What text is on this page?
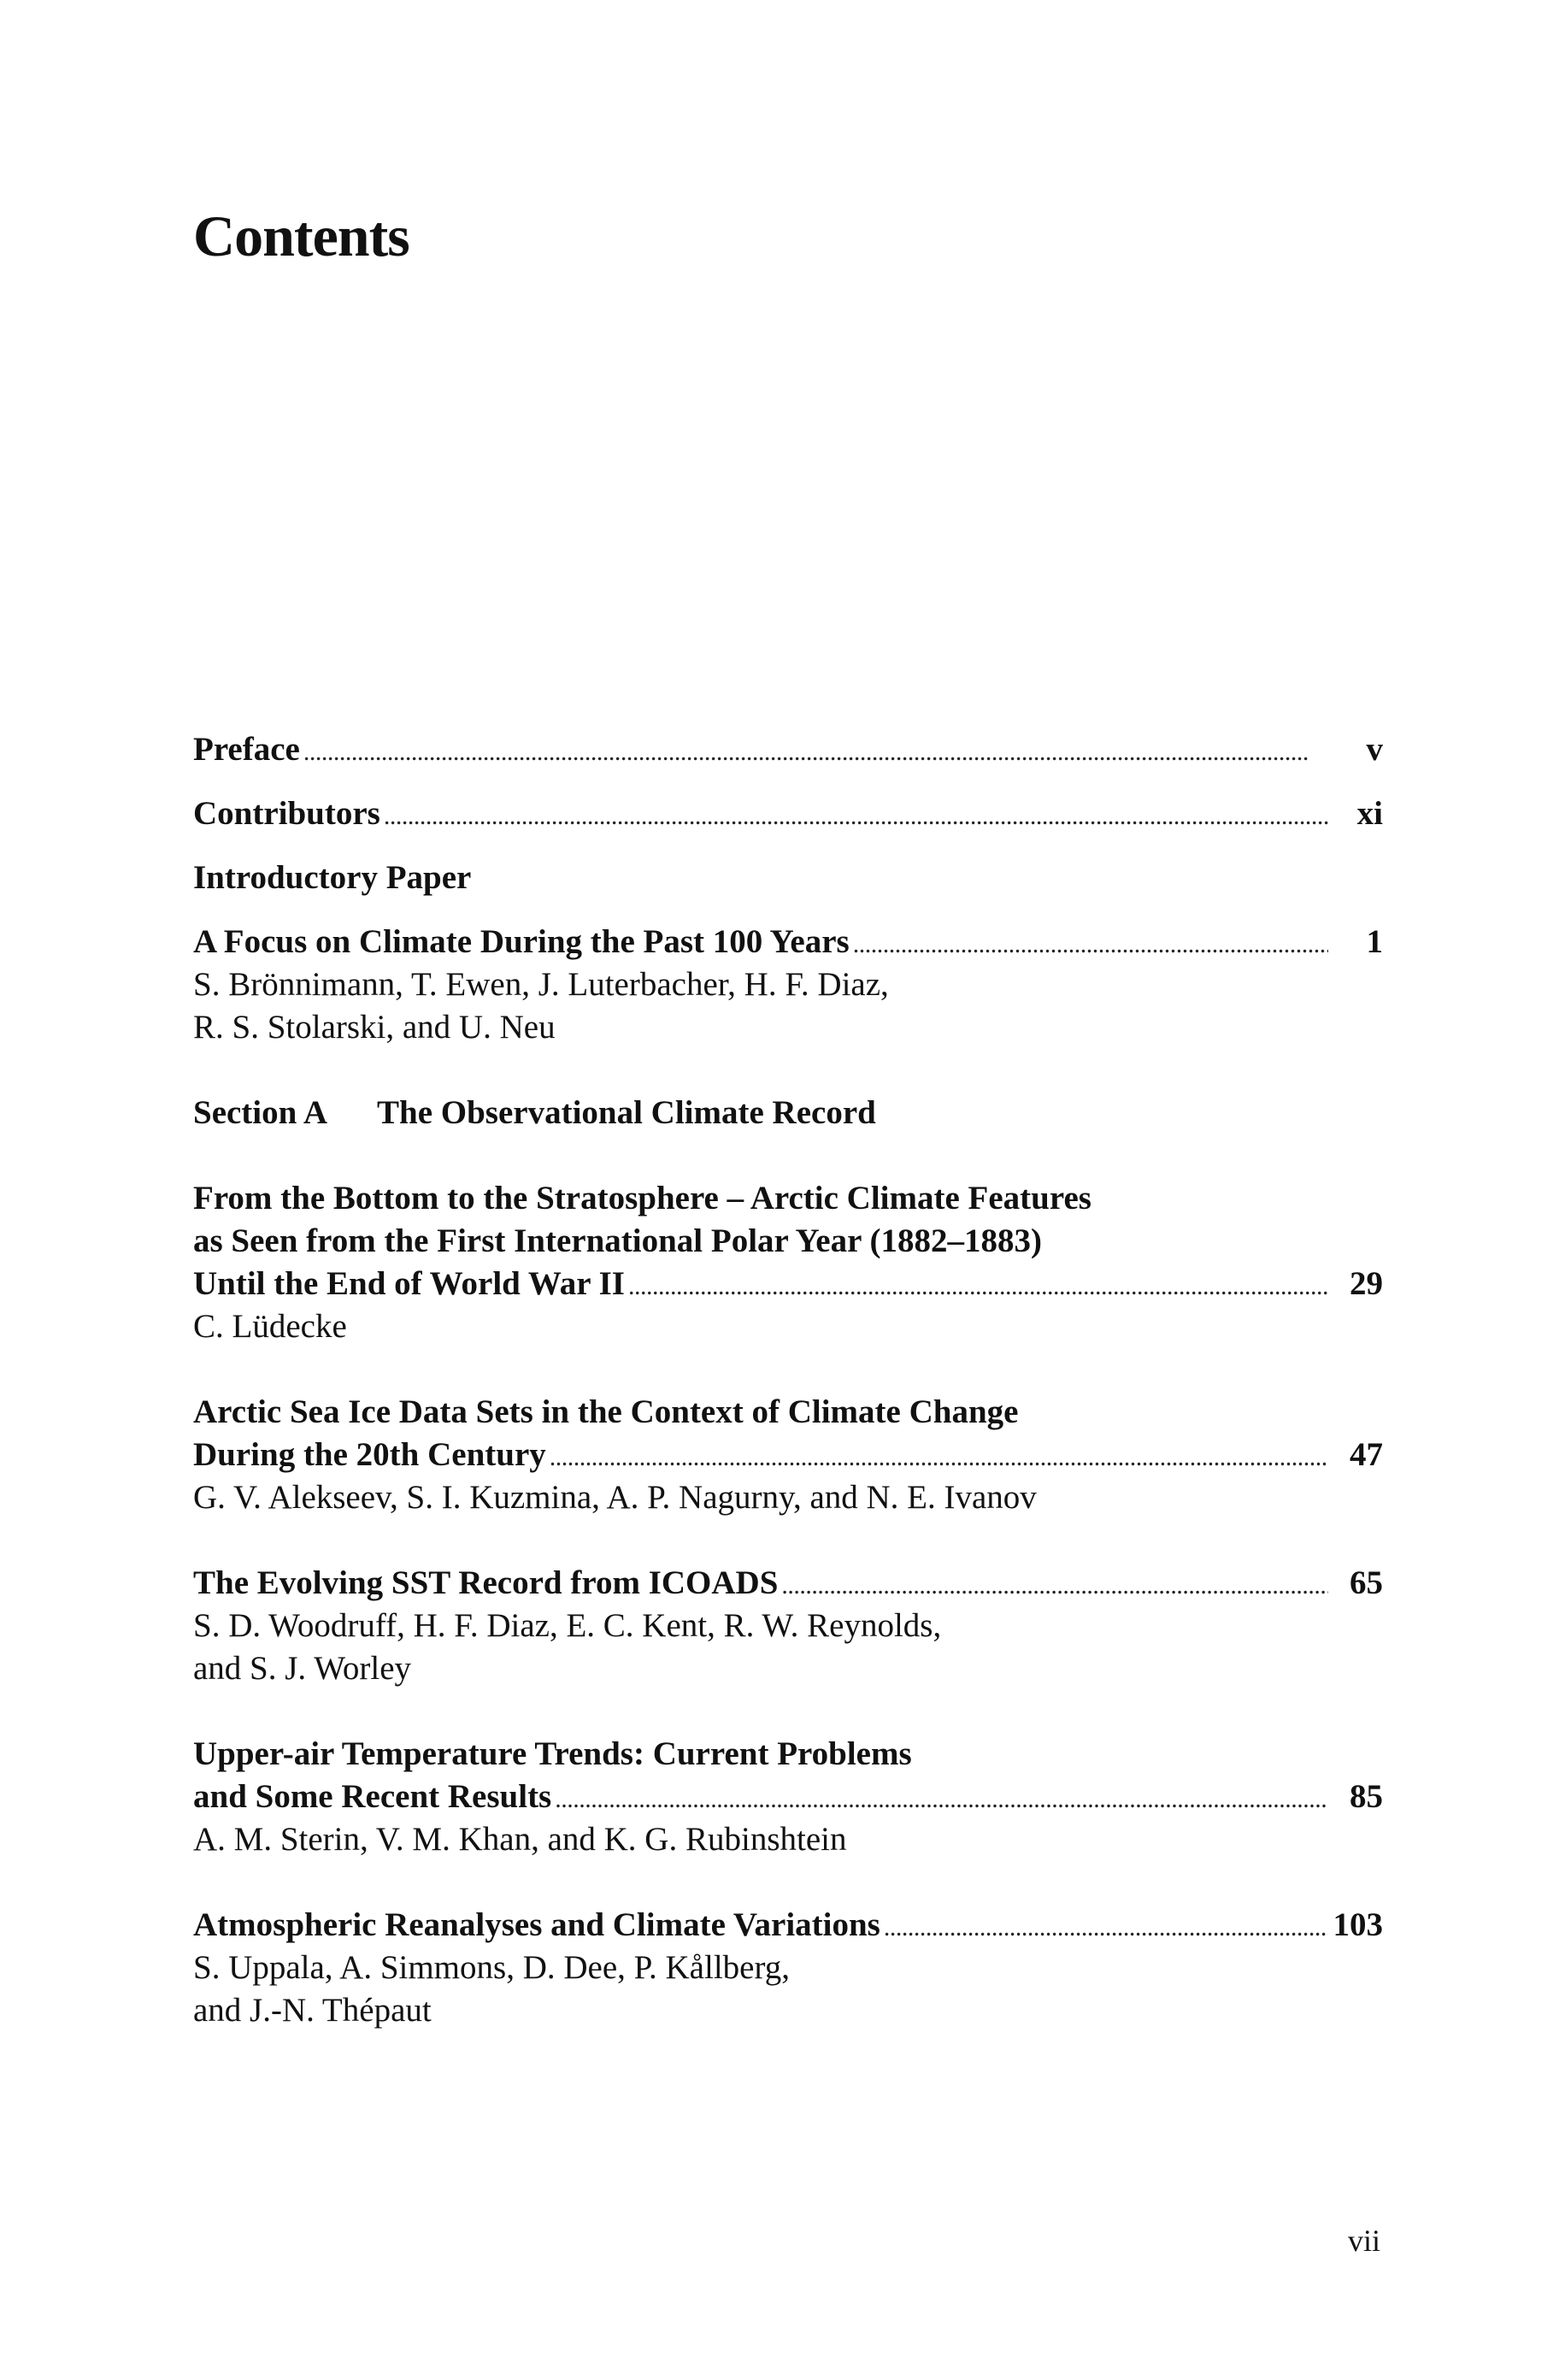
Contents
Preface . . .	v
Contributors . . .	xi
Introductory Paper
A Focus on Climate During the Past 100 Years . . .	1
S. Brönnimann, T. Ewen, J. Luterbacher, H. F. Diaz,
R. S. Stolarski, and U. Neu
Section A The Observational Climate Record
From the Bottom to the Stratosphere – Arctic Climate Features
as Seen from the First International Polar Year (1882–1883)
Until the End of World War II . . .	29
C. Lüdecke
Arctic Sea Ice Data Sets in the Context of Climate Change
During the 20th Century . . .	47
G. V. Alekseev, S. I. Kuzmina, A. P. Nagurny, and N. E. Ivanov
The Evolving SST Record from ICOADS . . .	65
S. D. Woodruff, H. F. Diaz, E. C. Kent, R. W. Reynolds,
and S. J. Worley
Upper-air Temperature Trends: Current Problems
and Some Recent Results . . .	85
A. M. Sterin, V. M. Khan, and K. G. Rubinshtein
Atmospheric Reanalyses and Climate Variations . . .	103
S. Uppala, A. Simmons, D. Dee, P. Kållberg,
and J.-N. Thépaut
vii
